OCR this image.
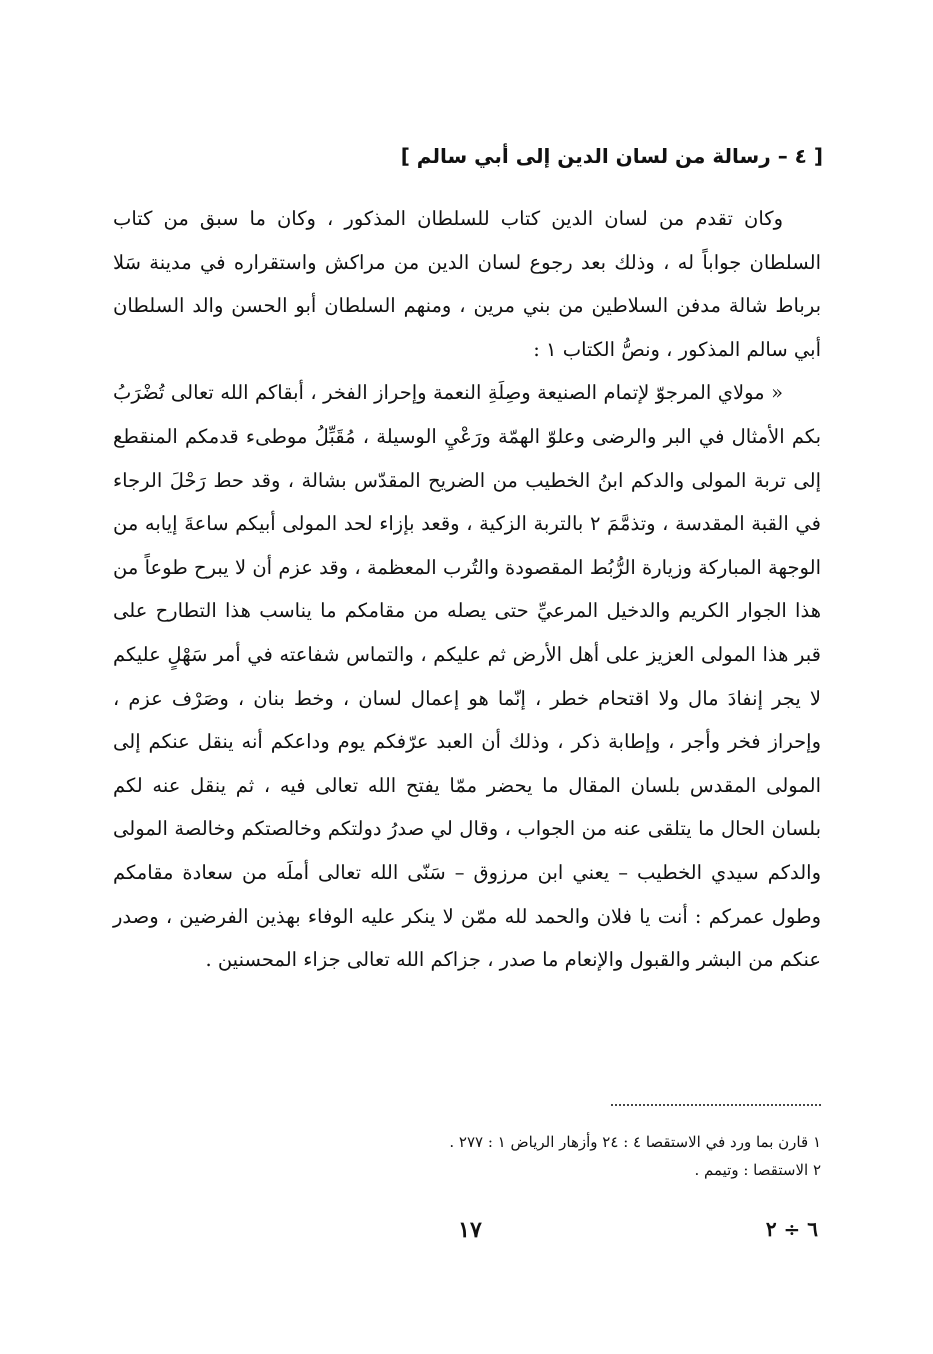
[ ٤ – رسالة من لسان الدين إلى أبي سالم ]

وكان تقدم من لسان الدين كتاب للسلطان المذكور ، وكان ما سبق من كتاب السلطان جواباً له ، وذلك بعد رجوع لسان الدين من مراكش واستقراره في مدينة سَلا برباط شالة مدفن السلاطين من بني مرين ، ومنهم السلطان أبو الحسن والد السلطان أبي سالم المذكور ، ونصُّ الكتاب ١ :

« مولاي المرجوّ لإتمام الصنيعة وصِلَةِ النعمة وإحراز الفخر ، أبقاكم الله تعالى تُضْرَبُ بكم الأمثال في البر والرضى وعلوّ الهمّة ورَعْيِ الوسيلة ، مُقَبِّلُ موطىء قدمكم المنقطع إلى تربة المولى والدكم ابنُ الخطيب من الضريح المقدّس بشالة ، وقد حط رَحْلَ الرجاء في القبة المقدسة ، وتذمَّمَ ٢ بالتربة الزكية ، وقعد بإزاء لحد المولى أبيكم ساعةَ إيابه من الوجهة المباركة وزيارة الرُّبُط المقصودة والتُرب المعظمة ، وقد عزم أن لا يبرح طوعاً من هذا الجوار الكريم والدخيل المرعيِّ حتى يصله من مقامكم ما يناسب هذا التطارح على قبر هذا المولى العزيز على أهل الأرض ثم عليكم ، والتماس شفاعته في أمر سَهْلٍ عليكم لا يجر إنفادَ مال ولا اقتحام خطر ، إنّما هو إعمال لسان ، وخط بنان ، وصَرْف عزم ، وإحراز فخر وأجر ، وإطابة ذكر ، وذلك أن العبد عرّفكم يوم وداعكم أنه ينقل عنكم إلى المولى المقدس بلسان المقال ما يحضر ممّا يفتح الله تعالى فيه ، ثم ينقل عنه لكم بلسان الحال ما يتلقى عنه من الجواب ، وقال لي صدرُ دولتكم وخالصتكم وخالصة المولى والدكم سيدي الخطيب – يعني ابن مرزوق – سَنّى الله تعالى أملَه من سعادة مقامكم وطول عمركم : أنت يا فلان والحمد لله ممّن لا ينكر عليه الوفاء بهذين الفرضين ، وصدر عنكم من البشر والقبول والإنعام ما صدر ، جزاكم الله تعالى جزاء المحسنين .

١ قارن بما ورد في الاستقصا ٤ : ٢٤ وأزهار الرياض ١ : ٢٧٧ .
٢ الاستقصا : وتيمم .
١٧	٦ ÷ ٢
